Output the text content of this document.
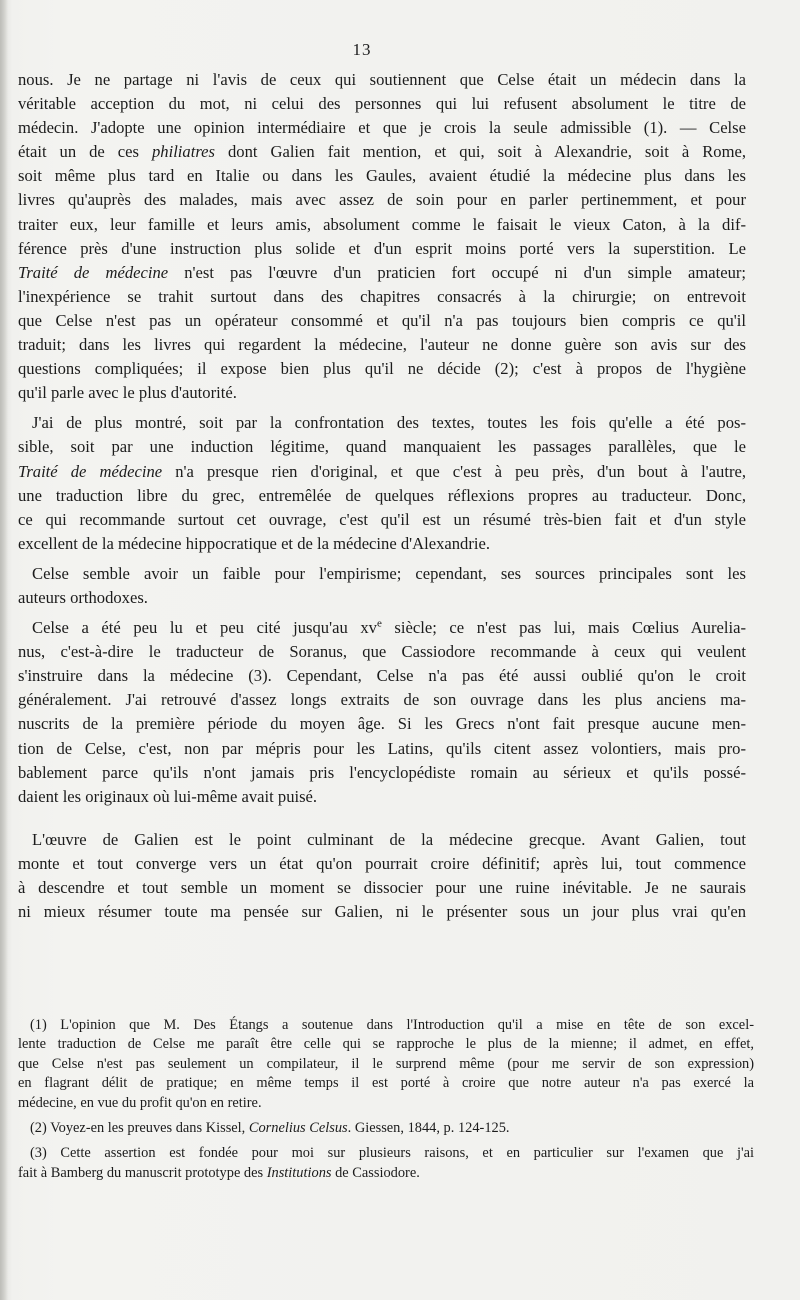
13
nous. Je ne partage ni l'avis de ceux qui soutiennent que Celse était un médecin dans la
véritable acception du mot, ni celui des personnes qui lui refusent absolument le titre de
médecin. J'adopte une opinion intermédiaire et que je crois la seule admissible (1). — Celse
était un de ces philiatres dont Galien fait mention, et qui, soit à Alexandrie, soit à Rome,
soit même plus tard en Italie ou dans les Gaules, avaient étudié la médecine plus dans les
livres qu'auprès des malades, mais avec assez de soin pour en parler pertinemment, et pour
traiter eux, leur famille et leurs amis, absolument comme le faisait le vieux Caton, à la dif-
férence près d'une instruction plus solide et d'un esprit moins porté vers la superstition. Le
Traité de médecine n'est pas l'œuvre d'un praticien fort occupé ni d'un simple amateur;
l'inexpérience se trahit surtout dans des chapitres consacrés à la chirurgie; on entrevoit
que Celse n'est pas un opérateur consommé et qu'il n'a pas toujours bien compris ce qu'il
traduit; dans les livres qui regardent la médecine, l'auteur ne donne guère son avis sur des
questions compliquées; il expose bien plus qu'il ne décide (2); c'est à propos de l'hygiène
qu'il parle avec le plus d'autorité.
J'ai de plus montré, soit par la confrontation des textes, toutes les fois qu'elle a été pos-
sible, soit par une induction légitime, quand manquaient les passages parallèles, que le
Traité de médecine n'a presque rien d'original, et que c'est à peu près, d'un bout à l'autre,
une traduction libre du grec, entremêlée de quelques réflexions propres au traducteur. Donc,
ce qui recommande surtout cet ouvrage, c'est qu'il est un résumé très-bien fait et d'un style
excellent de la médecine hippocratique et de la médecine d'Alexandrie.
Celse semble avoir un faible pour l'empirisme; cependant, ses sources principales sont les
auteurs orthodoxes.
Celse a été peu lu et peu cité jusqu'au $xv^e$ siècle; ce n'est pas lui, mais Cœlius Aurelia-
nus, c'est-à-dire le traducteur de Soranus, que Cassiodore recommande à ceux qui veulent
s'instruire dans la médecine (3). Cependant, Celse n'a pas été aussi oublié qu'on le croit
généralement. J'ai retrouvé d'assez longs extraits de son ouvrage dans les plus anciens ma-
nuscrits de la première période du moyen âge. Si les Grecs n'ont fait presque aucune men-
tion de Celse, c'est, non par mépris pour les Latins, qu'ils citent assez volontiers, mais pro-
bablement parce qu'ils n'ont jamais pris l'encyclopédiste romain au sérieux et qu'ils possé-
daient les originaux où lui-même avait puisé.
L'œuvre de Galien est le point culminant de la médecine grecque. Avant Galien, tout
monte et tout converge vers un état qu'on pourrait croire définitif; après lui, tout commence
à descendre et tout semble un moment se dissocier pour une ruine inévitable. Je ne saurais
ni mieux résumer toute ma pensée sur Galien, ni le présenter sous un jour plus vrai qu'en
(1) L'opinion que M. Des Étangs a soutenue dans l'Introduction qu'il a mise en tête de son excel-
lente traduction de Celse me paraît être celle qui se rapproche le plus de la mienne; il admet, en effet,
que Celse n'est pas seulement un compilateur, il le surprend même (pour me servir de son expression)
en flagrant délit de pratique; en même temps il est porté à croire que notre auteur n'a pas exercé la
médecine, en vue du profit qu'on en retire.
(2) Voyez-en les preuves dans Kissel, Cornelius Celsus. Giessen, 1844, p. 124-125.
(3) Cette assertion est fondée pour moi sur plusieurs raisons, et en particulier sur l'examen que j'ai
fait à Bamberg du manuscrit prototype des Institutions de Cassiodore.
